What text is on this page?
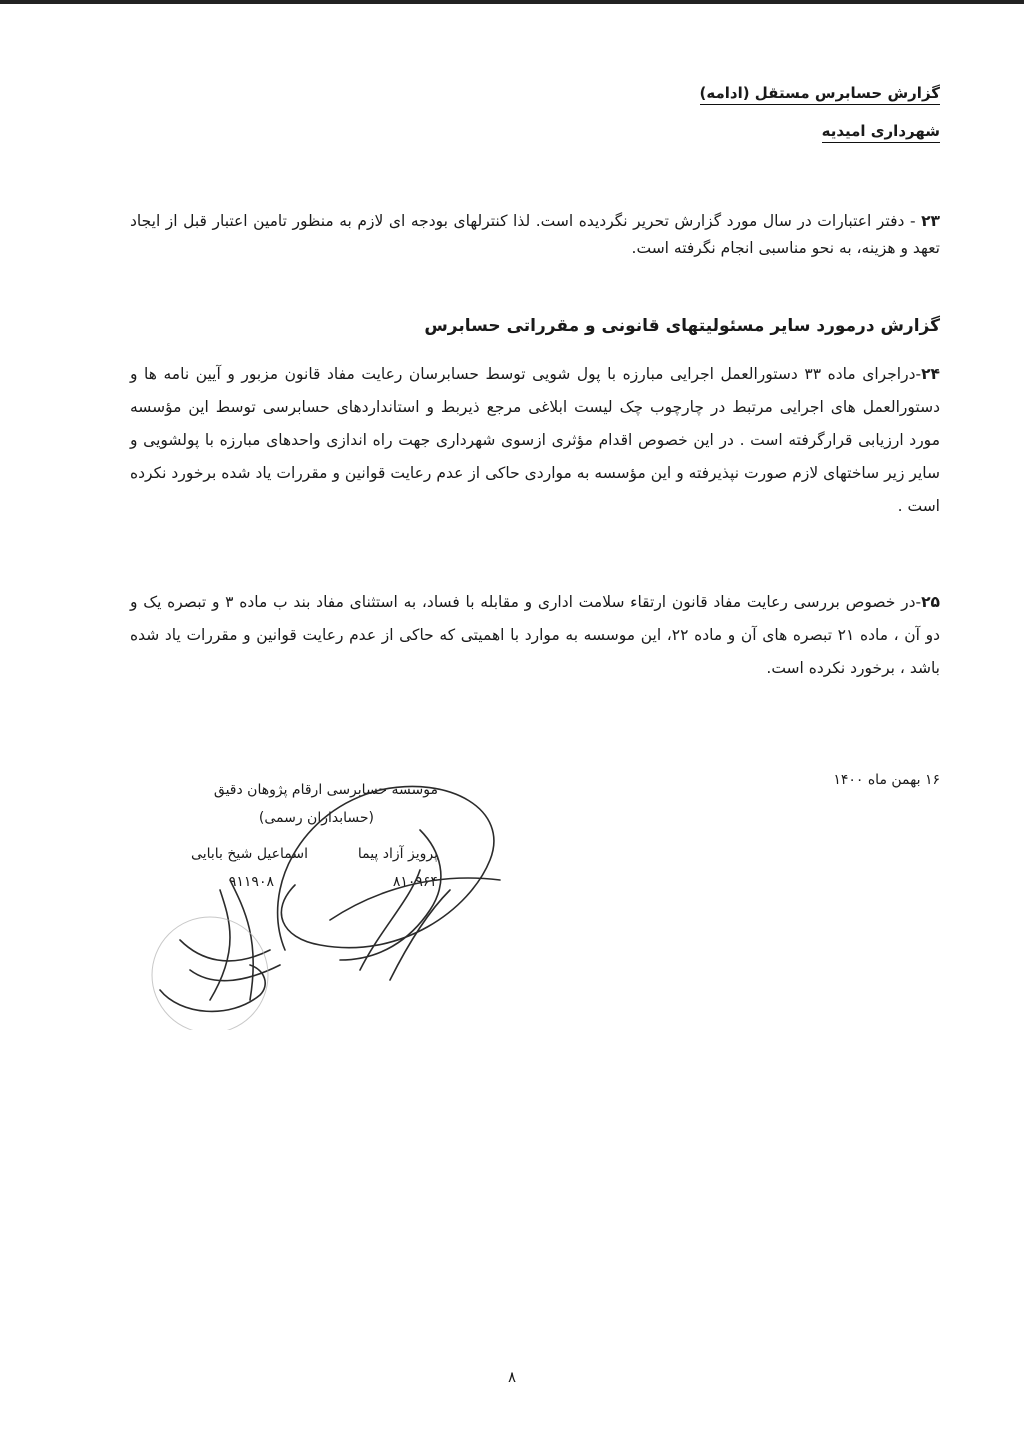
گزارش حسابرس مستقل (ادامه)
شهرداری امیدیه
۲۳ - دفتر اعتبارات در سال مورد گزارش تحریر نگردیده است. لذا کنترلهای بودجه ای لازم به منظور تامین اعتبار قبل از ایجاد تعهد و هزینه، به نحو مناسبی انجام نگرفته است.
گزارش درمورد سایر مسئولیتهای قانونی و مقرراتی حسابرس
۲۴-دراجرای ماده ۳۳ دستورالعمل اجرایی مبارزه با پول شویی توسط حسابرسان رعایت مفاد قانون مزبور و آیین نامه ها و دستورالعمل های اجرایی مرتبط در چارچوب چک لیست ابلاغی مرجع ذیربط و استانداردهای حسابرسی توسط این مؤسسه مورد ارزیابی قرارگرفته است . در این خصوص اقدام مؤثری ازسوی شهرداری جهت راه اندازی واحدهای مبارزه با پولشویی و سایر زیر ساختهای لازم صورت نپذیرفته و این مؤسسه به مواردی حاکی از عدم رعایت قوانین و مقررات یاد شده برخورد نکرده است .
۲۵-در خصوص بررسی رعایت مفاد قانون ارتقاء سلامت اداری و مقابله با فساد، به استثنای مفاد بند ب ماده ۳ و تبصره یک و دو آن ، ماده ۲۱ تبصره های آن و ماده ۲۲، این موسسه به موارد با اهمیتی که حاکی از عدم رعایت قوانین و مقررات یاد شده باشد ، برخورد نکرده است.
۱۶ بهمن ماه ۱۴۰۰
موسسه حسابرسی ارقام پژوهان دقیق
(حسابداران رسمی)
پرویز آزاد پیما
اسماعیل شیخ بابایی
۸۱۰۹۶۴
۹۱۱۹۰۸
۸
